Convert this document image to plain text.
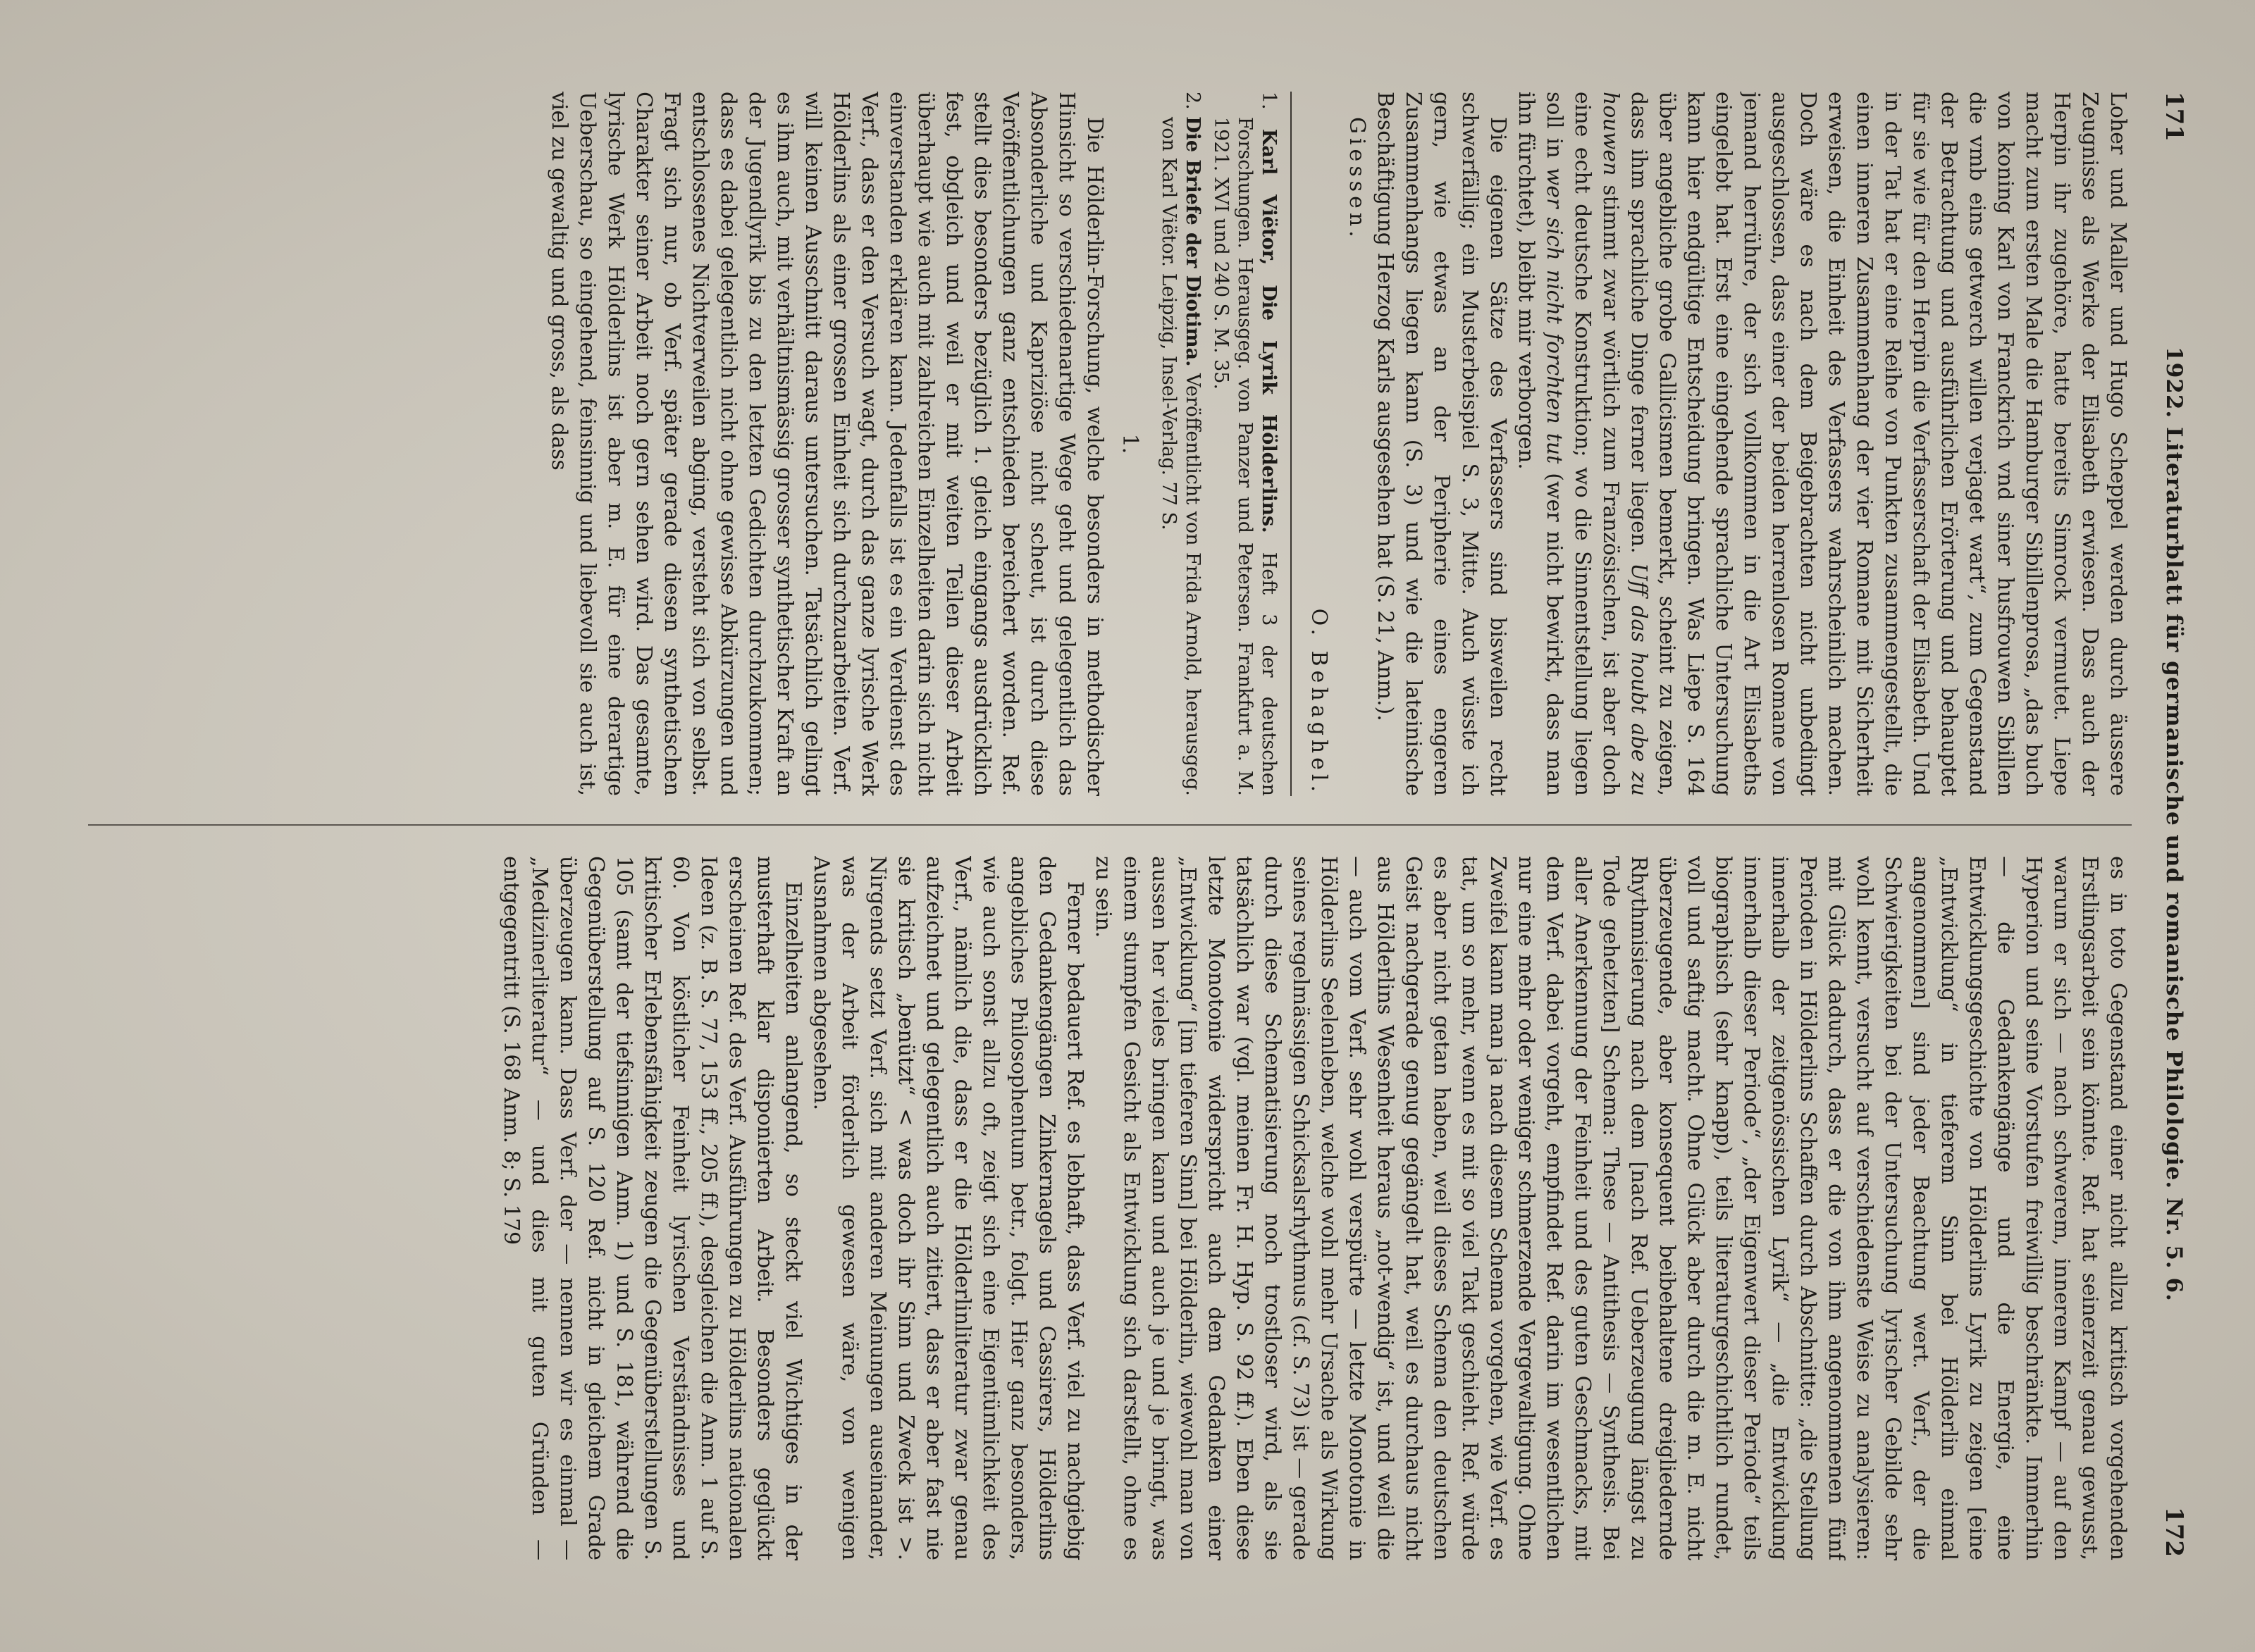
171
1922. Literaturblatt für germanische und romanische Philologie. Nr. 5. 6.
172

Loher und Maller und Hugo Scheppel werden durch äussere Zeugnisse als Werke der Elisabeth erwiesen. Dass auch der Herpin ihr zugehöre, hatte bereits Simrock vermutet. Liepe macht zum ersten Male die Hamburger Sibillenprosa, „das buch von koning Karl von Franckrich vnd siner husfrouwen Sibillen die vmb eins getwerch willen verjaget wart“, zum Gegenstand der Betrachtung und ausführlichen Erörterung und behauptet für sie wie für den Herpin die Verfasserschaft der Elisabeth. Und in der Tat hat er eine Reihe von Punkten zusammengestellt, die einen inneren Zusammenhang der vier Romane mit Sicherheit erweisen, die Einheit des Verfassers wahrscheinlich machen. Doch wäre es nach dem Beigebrachten nicht unbedingt ausgeschlossen, dass einer der beiden herrenlosen Romane von jemand herrühre, der sich vollkommen in die Art Elisabeths eingelebt hat. Erst eine eingehende sprachliche Untersuchung kann hier endgültige Entscheidung bringen. Was Liepe S. 164 über angebliche grobe Gallicismen bemerkt, scheint zu zeigen, dass ihm sprachliche Dinge ferner liegen. Uff das houbt abe zu houwen stimmt zwar wörtlich zum Französischen, ist aber doch eine echt deutsche Konstruktion; wo die Sinnentstellung liegen soll in wer sich nicht forchten tut (wer nicht bewirkt, dass man ihn fürchtet), bleibt mir verborgen.

Die eigenen Sätze des Verfassers sind bisweilen recht schwerfällig; ein Musterbeispiel S. 3, Mitte. Auch wüsste ich gern, wie etwas an der Peripherie eines engeren Zusammenhangs liegen kann (S. 3) und wie die lateinische Beschäftigung Herzog Karls ausgesehen hat (S. 21, Anm.).

Giessen.

O. Behaghel.

1. Karl Viëtor, Die Lyrik Hölderlins. Heft 3 der deutschen Forschungen. Herausgeg. von Panzer und Petersen. Frankfurt a. M. 1921. XVI und 240 S. M. 35.

2. Die Briefe der Diotima. Veröffentlicht von Frida Arnold, herausgeg. von Karl Viëtor. Leipzig, Insel-Verlag. 77 S.

1.

Die Hölderlin-Forschung, welche besonders in methodischer Hinsicht so verschiedenartige Wege geht und gelegentlich das Absonderliche und Kapriziöse nicht scheut, ist durch diese Veröffentlichungen ganz entschieden bereichert worden. Ref. stellt dies besonders bezüglich 1. gleich eingangs ausdrücklich fest, obgleich und weil er mit weiten Teilen dieser Arbeit überhaupt wie auch mit zahlreichen Einzelheiten darin sich nicht einverstanden erklären kann. Jedenfalls ist es ein Verdienst des Verf., dass er den Versuch wagt, durch das ganze lyrische Werk Hölderlins als einer grossen Einheit sich durchzuarbeiten. Verf. will keinen Ausschnitt daraus untersuchen. Tatsächlich gelingt es ihm auch, mit verhältnismässig grosser synthetischer Kraft an der Jugendlyrik bis zu den letzten Gedichten durchzukommen; dass es dabei gelegentlich nicht ohne gewisse Abkürzungen und entschlossenes Nichtverweilen abging, versteht sich von selbst. Fragt sich nur, ob Verf. später gerade diesen synthetischen Charakter seiner Arbeit noch gern sehen wird. Das gesamte, lyrische Werk Hölderlins ist aber m. E. für eine derartige Ueberschau, so eingehend, feinsinnig und liebevoll sie auch ist, viel zu gewaltig und gross, als dass

es in toto Gegenstand einer nicht allzu kritisch vorgehenden Erstlingsarbeit sein könnte. Ref. hat seinerzeit genau gewusst, warum er sich — nach schwerem, innerem Kampf — auf den Hyperion und seine Vorstufen freiwillig beschränkte. Immerhin — die Gedankengänge und die Energie, eine Entwicklungsgeschichte von Hölderlins Lyrik zu zeigen [eine „Entwicklung“ in tieferem Sinn bei Hölderlin einmal angenommen] sind jeder Beachtung wert. Verf., der die Schwierigkeiten bei der Untersuchung lyrischer Gebilde sehr wohl kennt, versucht auf verschiedenste Weise zu analysieren: mit Glück dadurch, dass er die von ihm angenommenen fünf Perioden in Hölderlins Schaffen durch Abschnitte: „die Stellung innerhalb der zeitgenössischen Lyrik“ — „die Entwicklung innerhalb dieser Periode“, „der Eigenwert dieser Periode“ teils biographisch (sehr knapp), teils literaturgeschichtlich rundet, voll und saftig macht. Ohne Glück aber durch die m. E. nicht überzeugende, aber konsequent beibehaltene dreigliedernde Rhythmisierung nach dem [nach Ref. Ueberzeugung längst zu Tode gehetzten] Schema: These — Antithesis — Synthesis. Bei aller Anerkennung der Feinheit und des guten Geschmacks, mit dem Verf. dabei vorgeht, empfindet Ref. darin im wesentlichen nur eine mehr oder weniger schmerzende Vergewaltigung. Ohne Zweifel kann man ja nach diesem Schema vorgehen, wie Verf. es tat, um so mehr, wenn es mit so viel Takt geschieht. Ref. würde es aber nicht getan haben, weil dieses Schema den deutschen Geist nachgerade genug gegängelt hat, weil es durchaus nicht aus Hölderlins Wesenheit heraus „not-wendig“ ist, und weil die — auch vom Verf. sehr wohl verspürte — letzte Monotonie in Hölderlins Seelenleben, welche wohl mehr Ursache als Wirkung seines regelmässigen Schicksalsrhythmus (cf. S. 73) ist — gerade durch diese Schematisierung noch trostloser wird, als sie tatsächlich war (vgl. meinen Fr. H. Hyp. S. 92 ff.). Eben diese letzte Monotonie widerspricht auch dem Gedanken einer „Entwicklung“ [im tieferen Sinn] bei Hölderlin, wiewohl man von aussen her vieles bringen kann und auch je und je bringt, was einem stumpfen Gesicht als Entwicklung sich darstellt, ohne es zu sein.

Ferner bedauert Ref. es lebhaft, dass Verf. viel zu nachgiebig den Gedankengängen Zinkernagels und Cassirers, Hölderlins angebliches Philosophentum betr., folgt. Hier ganz besonders, wie auch sonst allzu oft, zeigt sich eine Eigentümlichkeit des Verf., nämlich die, dass er die Hölderlinliteratur zwar genau aufzeichnet und gelegentlich auch zitiert, dass er aber fast nie sie kritisch „benützt“ < was doch ihr Sinn und Zweck ist >. Nirgends setzt Verf. sich mit anderen Meinungen auseinander, was der Arbeit förderlich gewesen wäre, von wenigen Ausnahmen abgesehen.

Einzelheiten anlangend, so steckt viel Wichtiges in der musterhaft klar disponierten Arbeit. Besonders geglückt erscheinen Ref. des Verf. Ausführungen zu Hölderlins nationalen Ideen (z. B. S. 77, 153 ff., 205 ff.), desgleichen die Anm. 1 auf S. 60. Von köstlicher Feinheit lyrischen Verständnisses und kritischer Erlebensfähigkeit zeugen die Gegenüberstellungen S. 105 (samt der tiefsinnigen Anm. 1) und S. 181, während die Gegenüberstellung auf S. 120 Ref. nicht in gleichem Grade überzeugen kann. Dass Verf. der — nennen wir es einmal — „Medizinerliteratur“ — und dies mit guten Gründen — entgegentritt (S. 168 Anm. 8; S. 179
